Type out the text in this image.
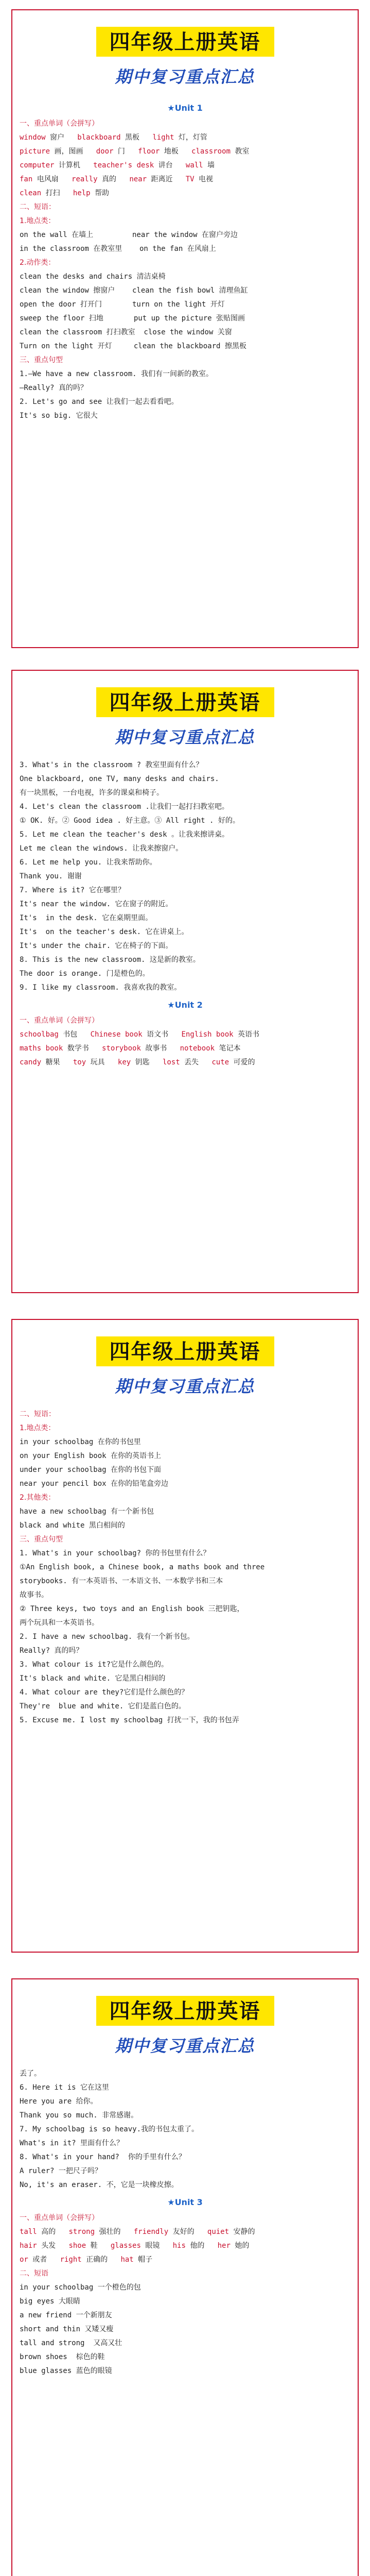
四年级上册英语
期中复习重点汇总
★Unit 1
一、重点单词（会拼写）
window 窗户   blackboard 黑板   light 灯，灯管
picture 画，图画   door 门   floor 地板   classroom 教室
computer 计算机   teacher's desk 讲台   wall 墙
fan 电风扇   really 真的   near 距离近   TV 电视
clean 打扫   help 帮助
二、短语：
1.地点类：
on the wall 在墙上         near the window 在窗户旁边
in the classroom 在教室里    on the fan 在风扇上
2.动作类：
clean the desks and chairs 清洁桌椅
clean the window 擦窗户    clean the fish bowl 清理鱼缸
open the door 打开门       turn on the light 开灯
sweep the floor 扫地       put up the picture 张贴图画
clean the classroom 打扫教室  close the window 关窗
Turn on the light 开灯     clean the blackboard 擦黑板
三、重点句型
1.—We have a new classroom. 我们有一间新的教室。
—Really? 真的吗？
2. Let's go and see 让我们一起去看看吧。
It's so big. 它很大
四年级上册英语
期中复习重点汇总
3. What's in the classroom ? 教室里面有什么？
One blackboard, one TV, many desks and chairs.
有一块黑板，一台电视，许多的课桌和椅子。
4. Let's clean the classroom .让我们一起打扫教室吧。
① OK. 好。② Good idea . 好主意。③ All right . 好的。
5. Let me clean the teacher's desk 。让我来擦讲桌。
Let me clean the windows. 让我来擦窗户。
6. Let me help you. 让我来帮助你。
Thank you. 谢谢
7. Where is it? 它在哪里？
It's near the window. 它在窗子的附近。
It's  in the desk. 它在桌期里面。
It's  on the teacher's desk. 它在讲桌上。
It's under the chair. 它在椅子的下面。
8. This is the new classroom. 这是新的教室。
The door is orange. 门是橙色的。
9. I like my classroom. 我喜欢我的教室。
★Unit 2
一、重点单词（会拼写）
schoolbag 书包   Chinese book 语文书   English book 英语书
maths book 数学书   storybook 故事书   notebook 笔记本
candy 糖果   toy 玩具   key 钥匙   lost 丢失   cute 可爱的
四年级上册英语
期中复习重点汇总
二、短语：
1.地点类：
in your schoolbag 在你的书包里
on your English book 在你的英语书上
under your schoolbag 在你的书包下面
near your pencil box 在你的铅笔盒旁边
2.其他类：
have a new schoolbag 有一个新书包
black and white 黑白相间的
三、重点句型
1. What's in your schoolbag? 你的书包里有什么？
①An English book, a Chinese book, a maths book and three
storybooks. 有一本英语书、一本语文书、一本数学书和三本
故事书。
② Three keys, two toys and an English book 三把钥匙，
两个玩具和一本英语书。
2. I have a new schoolbag. 我有一个新书包。
Really? 真的吗？
3. What colour is it?它是什么颜色的。
It's black and white. 它是黑白相间的
4. What colour are they?它们是什么颜色的？
They're  blue and white. 它们是蓝白色的。
5. Excuse me. I lost my schoolbag 打扰一下，我的书包弄
四年级上册英语
期中复习重点汇总
丢了。
6. Here it is 它在这里
Here you are 给你。
Thank you so much. 非常感谢。
7. My schoolbag is so heavy.我的书包太重了。
What's in it? 里面有什么？
8. What's in your hand?  你的手里有什么？
A ruler? 一把尺子吗？
No, it's an eraser. 不，它是一块橡皮擦。
★Unit 3
一、重点单词（会拼写）
tall 高的   strong 强壮的   friendly 友好的   quiet 安静的
hair 头发   shoe 鞋   glasses 眼镜   his 他的   her 她的
or 或者   right 正确的   hat 帽子
二、短语
in your schoolbag 一个橙色的包
big eyes 大眼睛
a new friend 一个新朋友
short and thin 又矮又瘦
tall and strong  又高又壮
brown shoes  棕色的鞋
blue glasses 蓝色的眼镜
